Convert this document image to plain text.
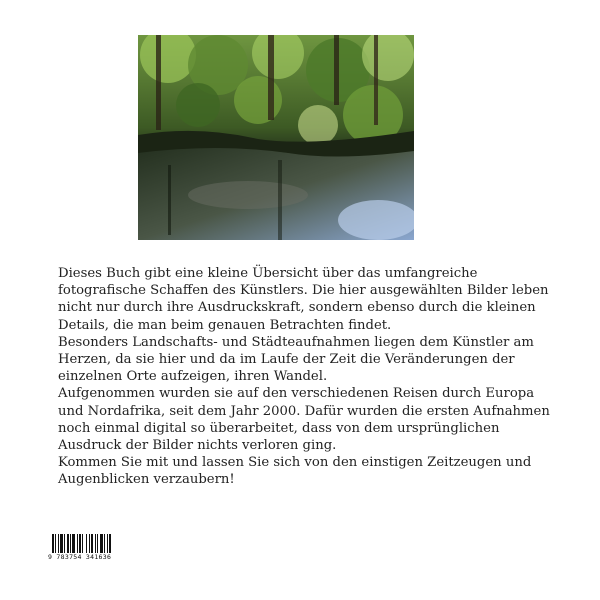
Dieses Buch gibt eine kleine Übersicht über das umfangreiche fotografische Schaffen des Künstlers. Die hier ausgewählten Bilder leben nicht nur durch ihre Ausdruckskraft, sondern ebenso durch die kleinen Details, die man beim genauen Betrachten findet.

Besonders Landschafts- und Städteaufnahmen liegen dem Künstler am Herzen, da sie hier und da im Laufe der Zeit die Veränderungen der einzelnen Orte aufzeigen, ihren Wandel.

Aufgenommen wurden sie auf den verschiedenen Reisen durch Europa und Nordafrika, seit dem Jahr 2000. Dafür wurden die ersten Aufnahmen noch einmal digital so überarbeitet, dass von dem ursprünglichen Ausdruck der Bilder nichts verloren ging.

Kommen Sie mit und lassen Sie sich von den einstigen Zeitzeugen und Augenblicken verzaubern!

9 783754 341636
